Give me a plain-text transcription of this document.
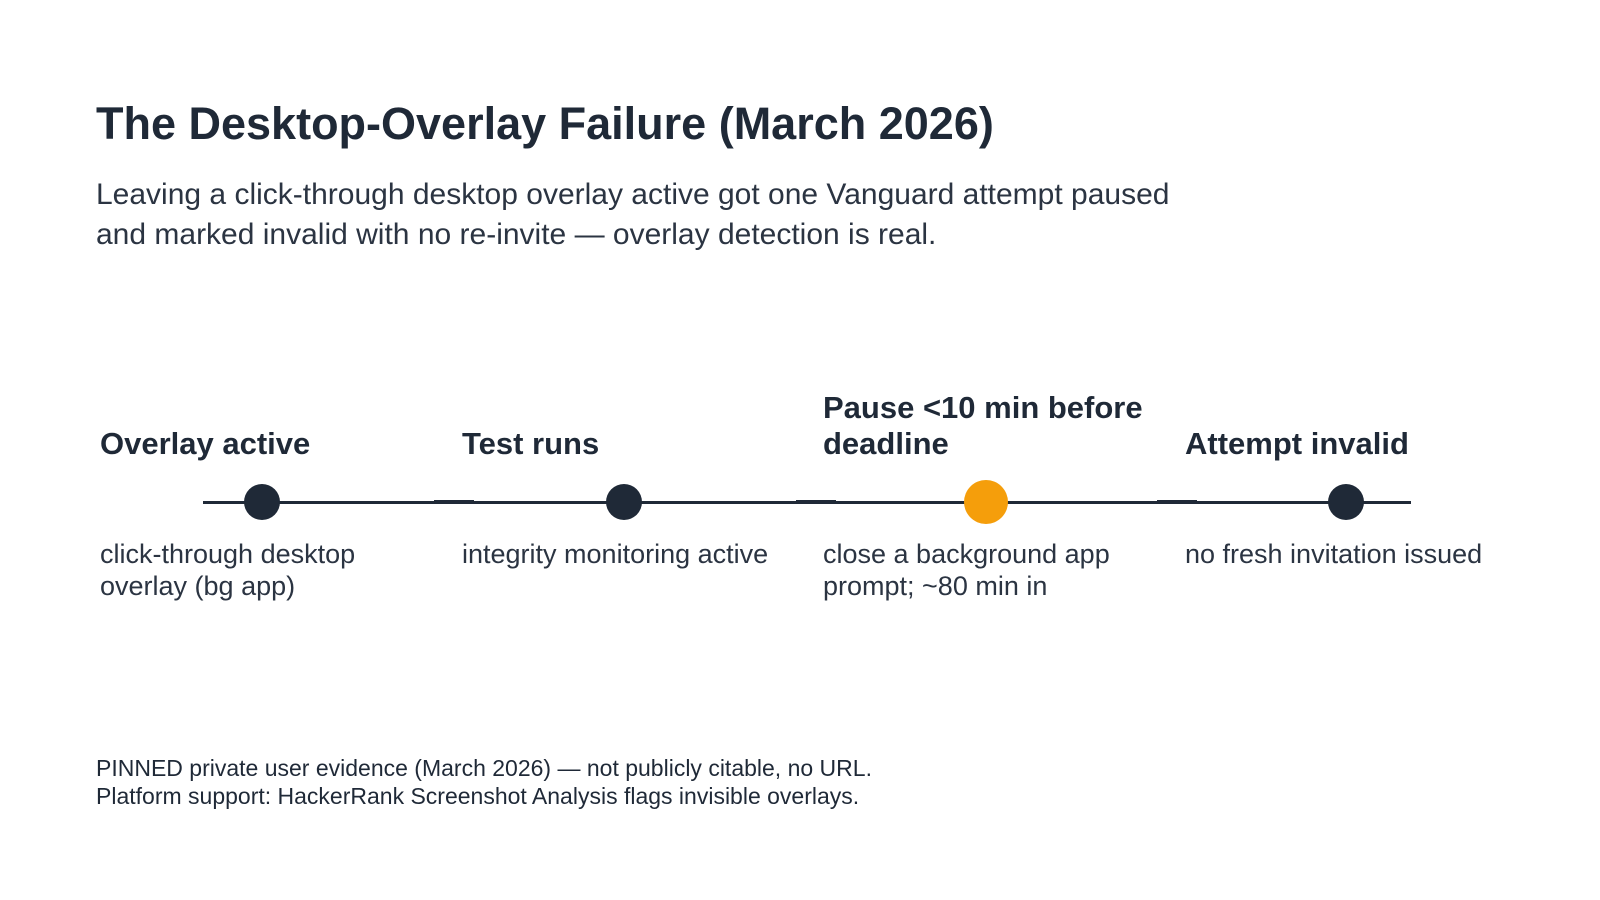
The Desktop-Overlay Failure (March 2026)

Leaving a click-through desktop overlay active got one Vanguard attempt paused and marked invalid with no re-invite — overlay detection is real.

Overlay active	Test runs
Pause <10 min before deadline	Attempt invalid
click-through desktop overlay (bg app)
integrity monitoring active	close a background app prompt; ~80 min in
no fresh invitation issued
PINNED private user evidence (March 2026) — not publicly citable, no URL.
Platform support: HackerRank Screenshot Analysis flags invisible overlays.
